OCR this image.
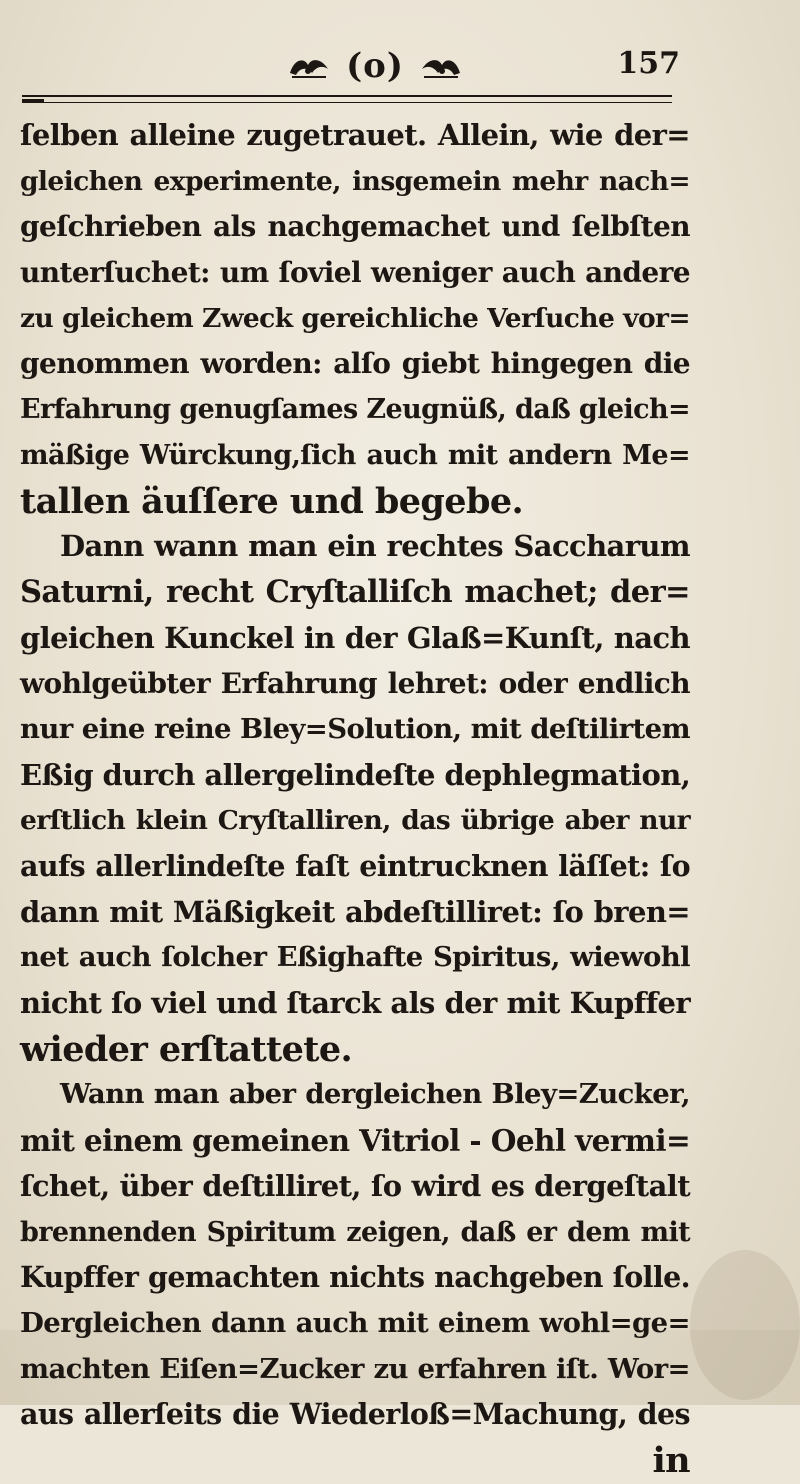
(o)	157
ſelben alleine zugetrauet. Allein, wie der=
gleichen experimente, insgemein mehr nach=
geſchrieben als nachgemachet und ſelbſten
unterſuchet: um ſoviel weniger auch andere
zu gleichem Zweck gereichliche Verſuche vor=
genommen worden: alſo giebt hingegen die
Erfahrung genugſames Zeugnüß, daß gleich=
mäßige Würckung,ſich auch mit andern Me=
tallen äuſſere und begebe.
Dann wann man ein rechtes Saccharum
Saturni, recht Cryſtalliſch machet; der=
gleichen Kunckel in der Glaß=Kunſt, nach
wohlgeübter Erfahrung lehret: oder endlich
nur eine reine Bley=Solution, mit deſtilirtem
Eßig durch allergelindeſte dephlegmation,
erſtlich klein Cryſtalliren, das übrige aber nur
aufs allerlindeſte faſt eintrucknen läſſet: ſo
dann mit Mäßigkeit abdeſtilliret: ſo bren=
net auch ſolcher Eßighafte Spiritus, wiewohl
nicht ſo viel und ſtarck als der mit Kupffer
wieder erſtattete.
Wann man aber dergleichen Bley=Zucker,
mit einem gemeinen Vitriol - Oehl vermi=
ſchet, über deſtilliret, ſo wird es dergeſtalt
brennenden Spiritum zeigen, daß er dem mit
Kupffer gemachten nichts nachgeben ſolle.
Dergleichen dann auch mit einem wohl=ge=
machten Eiſen=Zucker zu erfahren iſt. Wor=
aus allerſeits die Wiederloß=Machung, des
in
